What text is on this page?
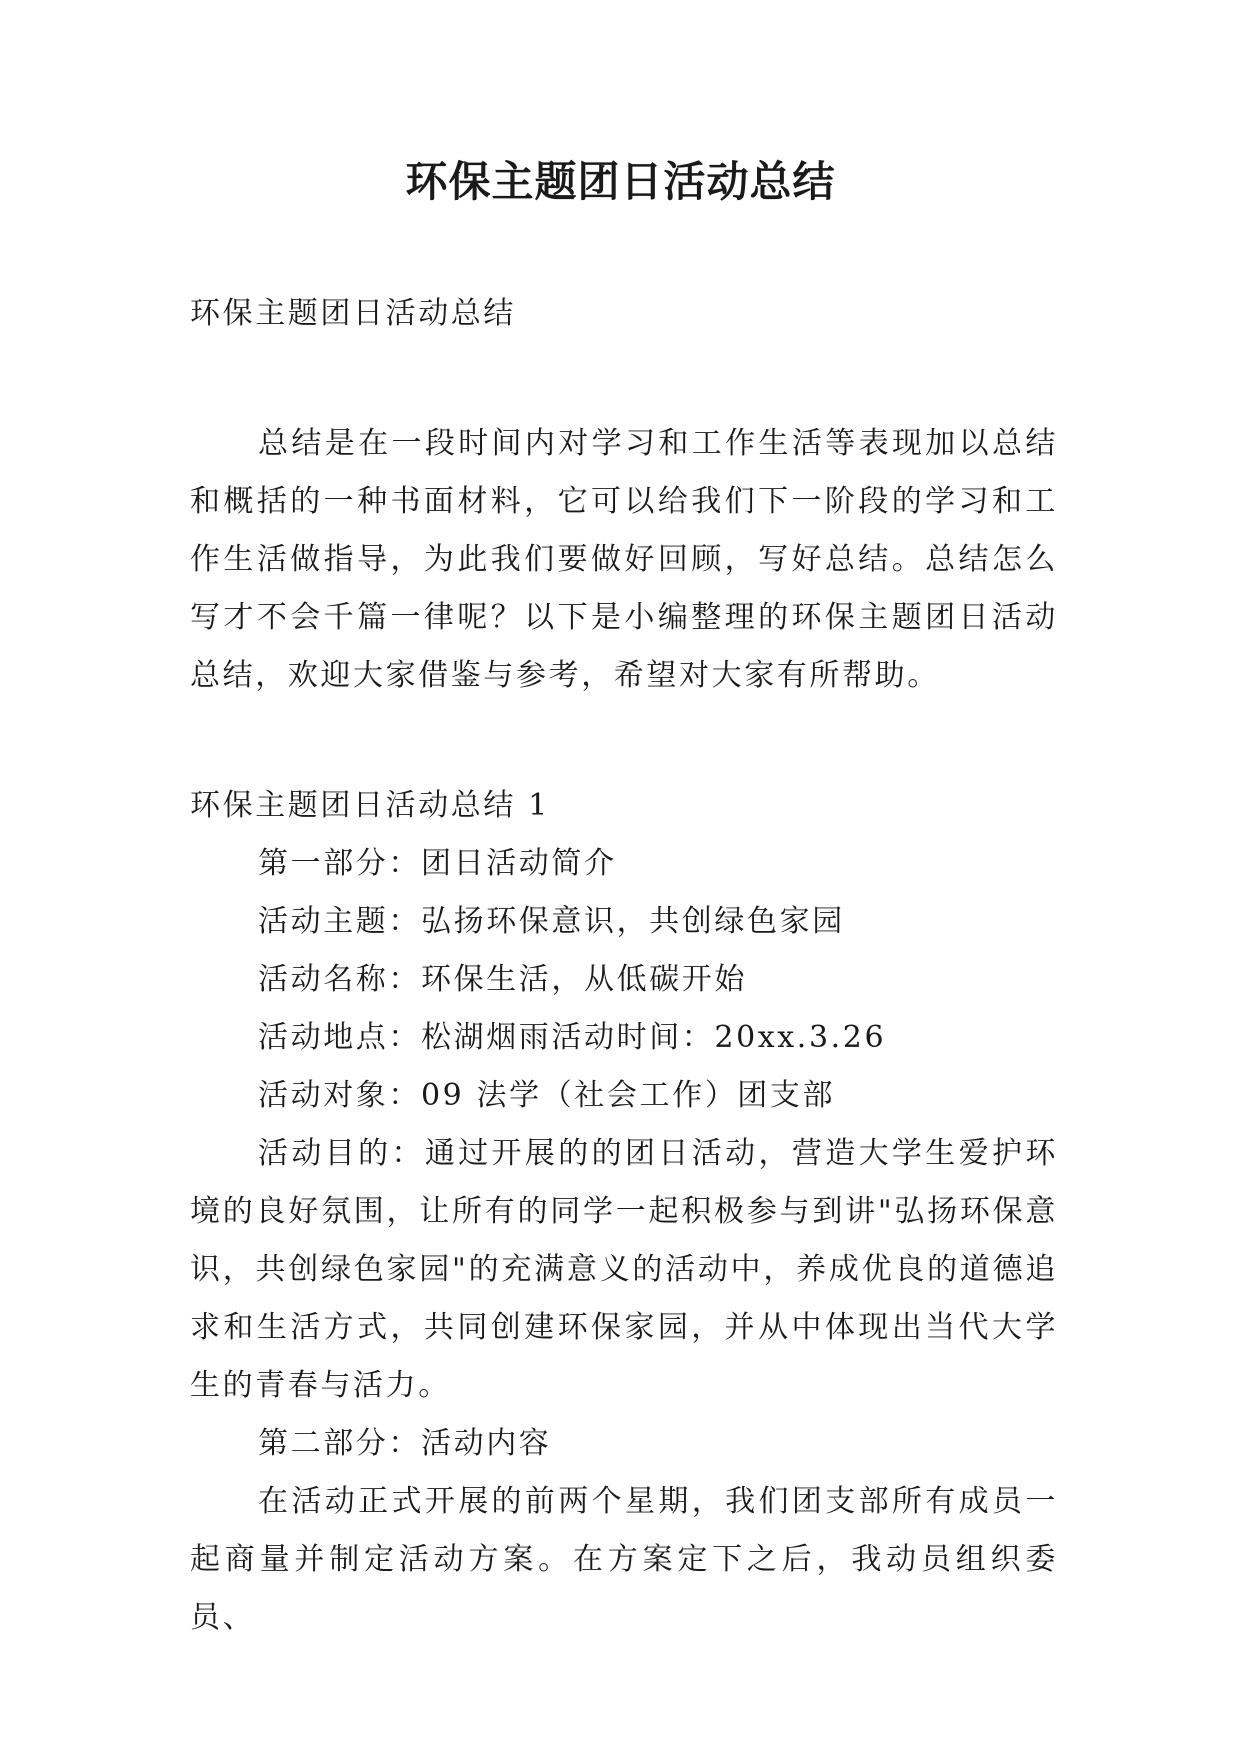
环保主题团日活动总结

环保主题团日活动总结

总结是在一段时间内对学习和工作生活等表现加以总结和概括的一种书面材料，它可以给我们下一阶段的学习和工作生活做指导，为此我们要做好回顾，写好总结。总结怎么写才不会千篇一律呢？以下是小编整理的环保主题团日活动总结，欢迎大家借鉴与参考，希望对大家有所帮助。

环保主题团日活动总结 1

第一部分：团日活动简介

活动主题：弘扬环保意识，共创绿色家园

活动名称：环保生活，从低碳开始

活动地点：松湖烟雨活动时间：20xx.3.26

活动对象：09 法学（社会工作）团支部

活动目的：通过开展的的团日活动，营造大学生爱护环境的良好氛围，让所有的同学一起积极参与到讲"弘扬环保意识，共创绿色家园"的充满意义的活动中，养成优良的道德追求和生活方式，共同创建环保家园，并从中体现出当代大学生的青春与活力。

第二部分：活动内容

在活动正式开展的前两个星期，我们团支部所有成员一起商量并制定活动方案。在方案定下之后，我动员组织委员、
